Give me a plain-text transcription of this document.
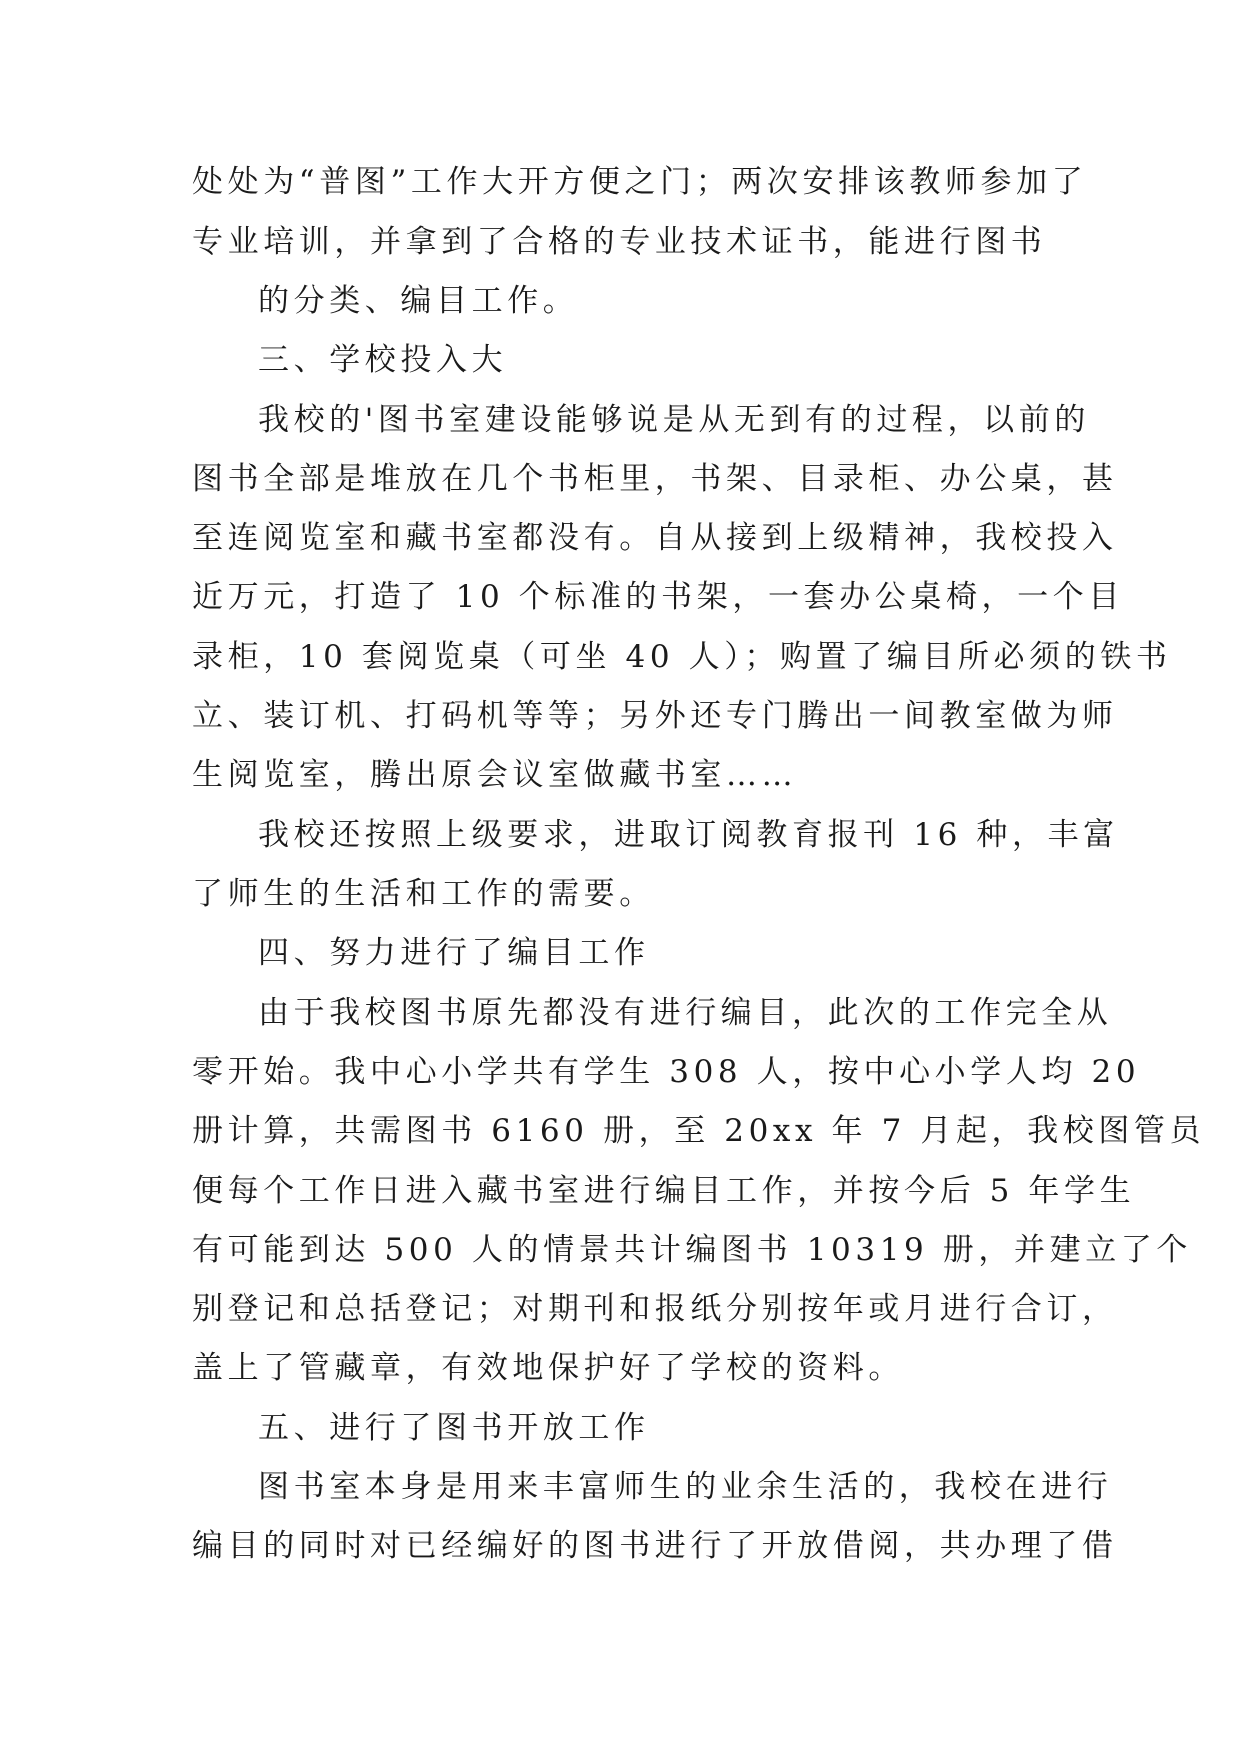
处处为“普图”工作大开方便之门；两次安排该教师参加了
专业培训，并拿到了合格的专业技术证书，能进行图书
的分类、编目工作。
三、学校投入大
我校的'图书室建设能够说是从无到有的过程，以前的
图书全部是堆放在几个书柜里，书架、目录柜、办公桌，甚
至连阅览室和藏书室都没有。自从接到上级精神，我校投入
近万元，打造了 10 个标准的书架，一套办公桌椅，一个目
录柜，10 套阅览桌（可坐 40 人）；购置了编目所必须的铁书
立、装订机、打码机等等；另外还专门腾出一间教室做为师
生阅览室，腾出原会议室做藏书室……
我校还按照上级要求，进取订阅教育报刊 16 种，丰富
了师生的生活和工作的需要。
四、努力进行了编目工作
由于我校图书原先都没有进行编目，此次的工作完全从
零开始。我中心小学共有学生 308 人，按中心小学人均 20
册计算，共需图书 6160 册，至 20xx 年 7 月起，我校图管员
便每个工作日进入藏书室进行编目工作，并按今后 5 年学生
有可能到达 500 人的情景共计编图书 10319 册，并建立了个
别登记和总括登记；对期刊和报纸分别按年或月进行合订，
盖上了管藏章，有效地保护好了学校的资料。
五、进行了图书开放工作
图书室本身是用来丰富师生的业余生活的，我校在进行
编目的同时对已经编好的图书进行了开放借阅，共办理了借
